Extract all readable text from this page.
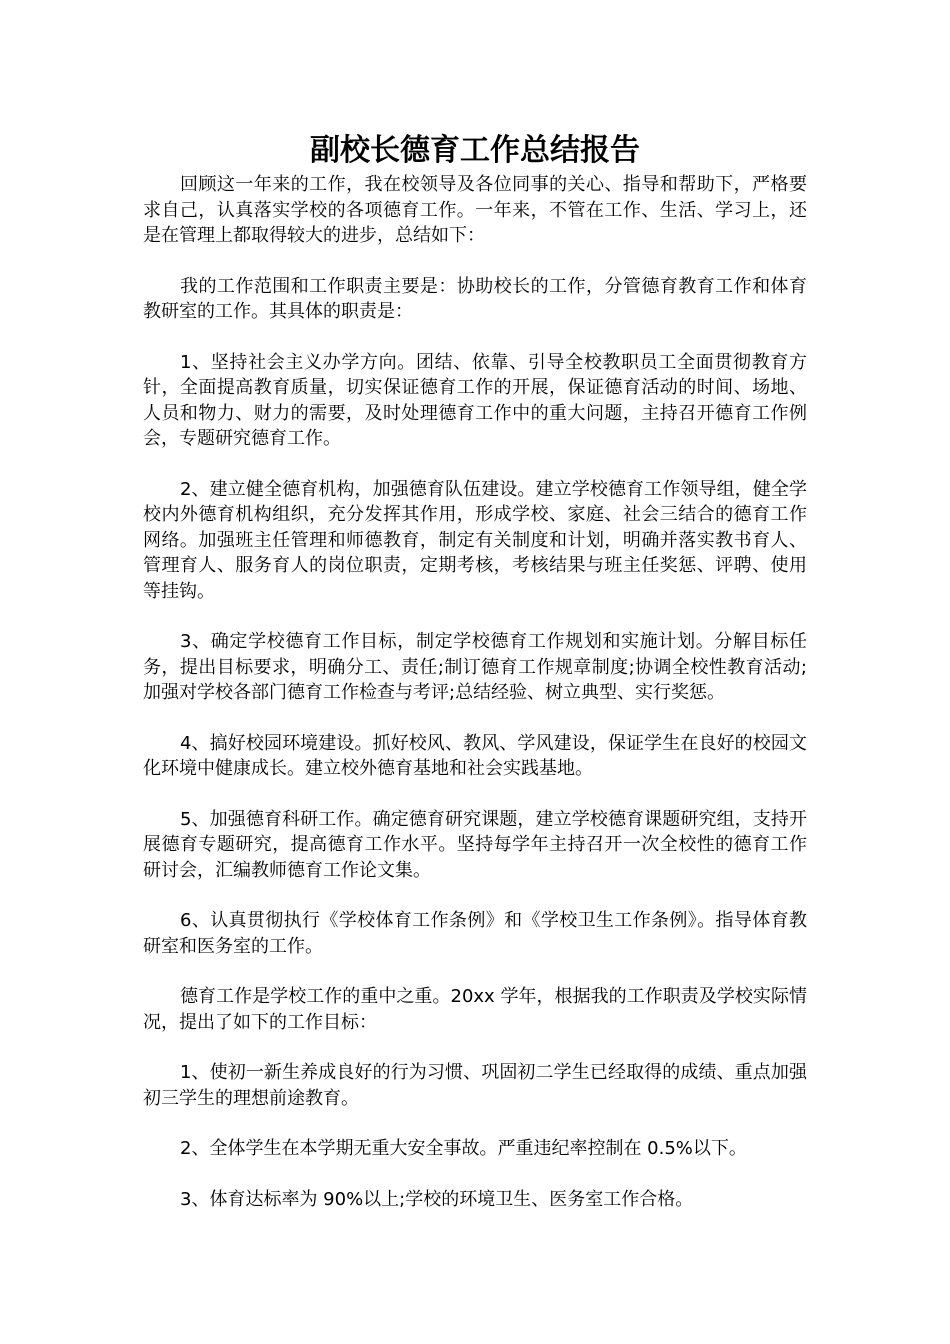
副校长德育工作总结报告

回顾这一年来的工作，我在校领导及各位同事的关心、指导和帮助下，严格要求自己，认真落实学校的各项德育工作。一年来，不管在工作、生活、学习上，还是在管理上都取得较大的进步，总结如下：

我的工作范围和工作职责主要是：协助校长的工作，分管德育教育工作和体育教研室的工作。其具体的职责是：

1、坚持社会主义办学方向。团结、依靠、引导全校教职员工全面贯彻教育方针，全面提高教育质量，切实保证德育工作的开展，保证德育活动的时间、场地、人员和物力、财力的需要，及时处理德育工作中的重大问题，主持召开德育工作例会，专题研究德育工作。

2、建立健全德育机构，加强德育队伍建设。建立学校德育工作领导组，健全学校内外德育机构组织，充分发挥其作用，形成学校、家庭、社会三结合的德育工作网络。加强班主任管理和师德教育，制定有关制度和计划，明确并落实教书育人、管理育人、服务育人的岗位职责，定期考核，考核结果与班主任奖惩、评聘、使用等挂钩。

3、确定学校德育工作目标，制定学校德育工作规划和实施计划。分解目标任务，提出目标要求，明确分工、责任;制订德育工作规章制度;协调全校性教育活动;加强对学校各部门德育工作检查与考评;总结经验、树立典型、实行奖惩。

4、搞好校园环境建设。抓好校风、教风、学风建设，保证学生在良好的校园文化环境中健康成长。建立校外德育基地和社会实践基地。

5、加强德育科研工作。确定德育研究课题，建立学校德育课题研究组，支持开展德育专题研究，提高德育工作水平。坚持每学年主持召开一次全校性的德育工作研讨会，汇编教师德育工作论文集。

6、认真贯彻执行《学校体育工作条例》和《学校卫生工作条例》。指导体育教研室和医务室的工作。

德育工作是学校工作的重中之重。20xx 学年，根据我的工作职责及学校实际情况，提出了如下的工作目标：

1、使初一新生养成良好的行为习惯、巩固初二学生已经取得的成绩、重点加强初三学生的理想前途教育。

2、全体学生在本学期无重大安全事故。严重违纪率控制在 0.5%以下。

3、体育达标率为 90%以上;学校的环境卫生、医务室工作合格。
